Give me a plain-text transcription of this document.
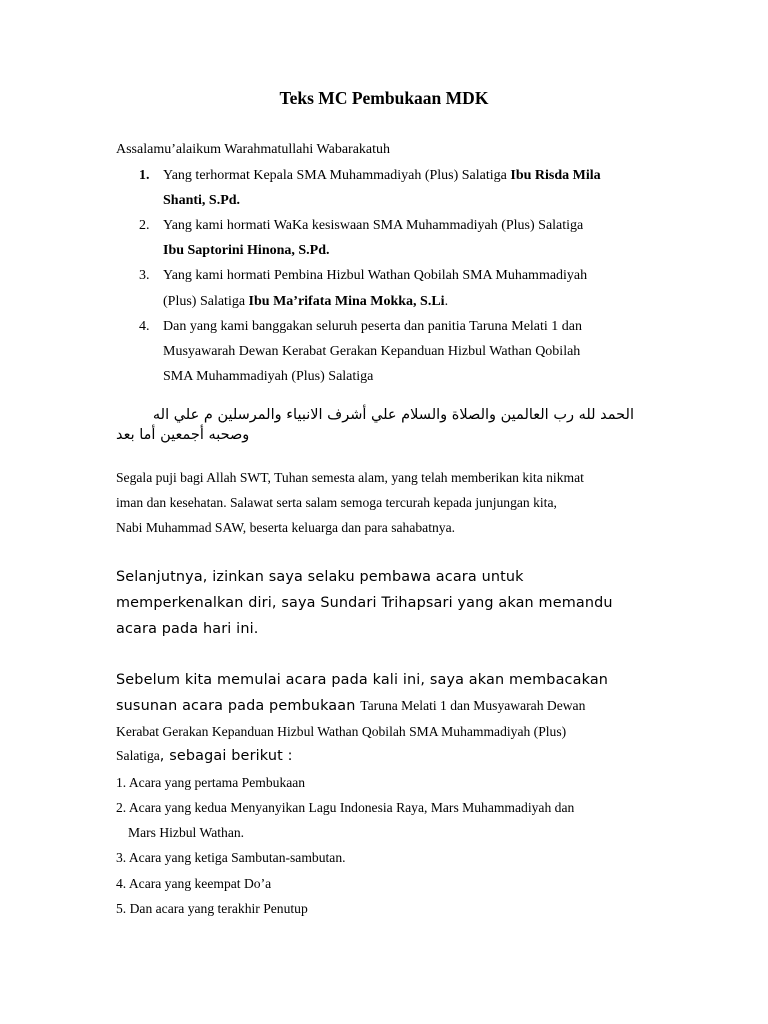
Teks MC Pembukaan MDK
Assalamu’alaikum Warahmatullahi Wabarakatuh
1. Yang terhormat Kepala SMA Muhammadiyah (Plus) Salatiga Ibu Risda Mila
Shanti, S.Pd.
2. Yang kami hormati WaKa kesiswaan SMA Muhammadiyah (Plus) Salatiga
Ibu Saptorini Hinona, S.Pd.
3. Yang kami hormati Pembina Hizbul Wathan Qobilah SMA Muhammadiyah
(Plus) Salatiga Ibu Ma’rifata Mina Mokka, S.Li.
4. Dan yang kami banggakan seluruh peserta dan panitia Taruna Melati 1 dan
Musyawarah Dewan Kerabat Gerakan Kepanduan Hizbul Wathan Qobilah
SMA Muhammadiyah (Plus) Salatiga
الحمد لله رب العالمين والصلاة والسلام علي أشرف الانبياء والمرسلين م علي اله
وصحبه أجمعين أما بعد
Segala puji bagi Allah SWT, Tuhan semesta alam, yang telah memberikan kita nikmat
iman dan kesehatan. Salawat serta salam semoga tercurah kepada junjungan kita,
Nabi Muhammad SAW, beserta keluarga dan para sahabatnya.
Selanjutnya, izinkan saya selaku pembawa acara untuk
memperkenalkan diri, saya Sundari Trihapsari yang akan memandu
acara pada hari ini.
Sebelum kita memulai acara pada kali ini, saya akan membacakan
susunan acara pada pembukaan Taruna Melati 1 dan Musyawarah Dewan
Kerabat Gerakan Kepanduan Hizbul Wathan Qobilah SMA Muhammadiyah (Plus)
Salatiga, sebagai berikut :
1. Acara yang pertama Pembukaan
2. Acara yang kedua Menyanyikan Lagu Indonesia Raya, Mars Muhammadiyah dan
Mars Hizbul Wathan.
3. Acara yang ketiga Sambutan-sambutan.
4. Acara yang keempat Do’a
5. Dan acara yang terakhir Penutup
